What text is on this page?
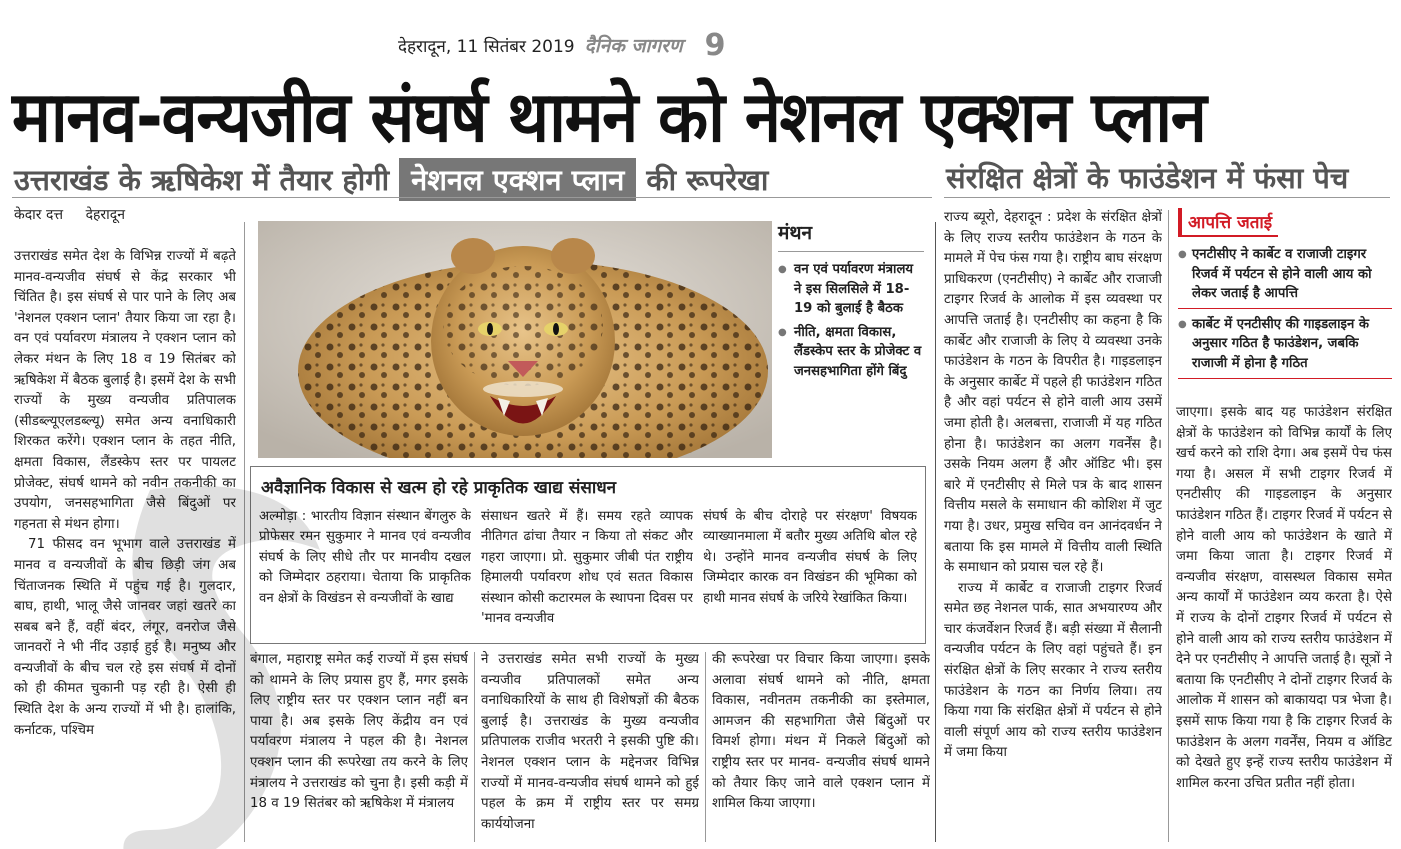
देहरादून, 11 सितंबर 2019 दैनिक जागरण 9
मानव-वन्यजीव संघर्ष थामने को नेशनल एक्शन प्लान
उत्तराखंड के ऋषिकेश में तैयार होगी नेशनल एक्शन प्लान की रूपरेखा	संरक्षित क्षेत्रों के फाउंडेशन में फंसा पेच
केदार दत्त देहरादून

उत्तराखंड समेत देश के विभिन्न राज्यों में बढ़ते मानव-वन्यजीव संघर्ष से केंद्र सरकार भी चिंतित है। इस संघर्ष से पार पाने के लिए अब 'नेशनल एक्शन प्लान' तैयार किया जा रहा है। वन एवं पर्यावरण मंत्रालय ने एक्शन प्लान को लेकर मंथन के लिए 18 व 19 सितंबर को ऋषिकेश में बैठक बुलाई है। इसमें देश के सभी राज्यों के मुख्य वन्यजीव प्रतिपालक (सीडब्ल्यूएलडब्ल्यू) समेत अन्य वनाधिकारी शिरकत करेंगे। एक्शन प्लान के तहत नीति, क्षमता विकास, लैंडस्केप स्तर पर पायलट प्रोजेक्ट, संघर्ष थामने को नवीन तकनीकी का उपयोग, जनसहभागिता जैसे बिंदुओं पर गहनता से मंथन होगा।

71 फीसद वन भूभाग वाले उत्तराखंड में मानव व वन्यजीवों के बीच छिड़ी जंग अब चिंताजनक स्थिति में पहुंच गई है। गुलदार, बाघ, हाथी, भालू जैसे जानवर जहां खतरे का सबब बने हैं, वहीं बंदर, लंगूर, वनरोज जैसे जानवरों ने भी नींद उड़ाई हुई है। मनुष्य और वन्यजीवों के बीच चल रहे इस संघर्ष में दोनों को ही कीमत चुकानी पड़ रही है। ऐसी ही स्थिति देश के अन्य राज्यों में भी है। हालांकि, कर्नाटक, पश्चिम

मंथन
● वन एवं पर्यावरण मंत्रालय ने इस सिलसिले में 18-19 को बुलाई है बैठक
● नीति, क्षमता विकास, लैंडस्केप स्तर के प्रोजेक्ट व जनसहभागिता होंगे बिंदु
अवैज्ञानिक विकास से खत्म हो रहे प्राकृतिक खाद्य संसाधन
अल्मोड़ा : भारतीय विज्ञान संस्थान बेंगलुरु के प्रोफेसर रमन सुकुमार ने मानव एवं वन्यजीव संघर्ष के लिए सीधे तौर पर मानवीय दखल को जिम्मेदार ठहराया। चेताया कि प्राकृतिक वन क्षेत्रों के विखंडन से वन्यजीवों के खाद्य
संसाधन खतरे में हैं। समय रहते व्यापक नीतिगत ढांचा तैयार न किया तो संकट और गहरा जाएगा। प्रो. सुकुमार जीबी पंत राष्ट्रीय हिमालयी पर्यावरण शोध एवं सतत विकास संस्थान कोसी कटारमल के स्थापना दिवस पर 'मानव वन्यजीव
संघर्ष के बीच दोराहे पर संरक्षण' विषयक व्याख्यानमाला में बतौर मुख्य अतिथि बोल रहे थे। उन्होंने मानव वन्यजीव संघर्ष के लिए जिम्मेदार कारक वन विखंडन की भूमिका को हाथी मानव संघर्ष के जरिये रेखांकित किया।
बंगाल, महाराष्ट्र समेत कई राज्यों में इस संघर्ष को थामने के लिए प्रयास हुए हैं, मगर इसके लिए राष्ट्रीय स्तर पर एक्शन प्लान नहीं बन पाया है। अब इसके लिए केंद्रीय वन एवं पर्यावरण मंत्रालय ने पहल की है। नेशनल एक्शन प्लान की रूपरेखा तय करने के लिए मंत्रालय ने उत्तराखंड को चुना है। इसी कड़ी में 18 व 19 सितंबर को ऋषिकेश में मंत्रालय
ने उत्तराखंड समेत सभी राज्यों के मुख्य वन्यजीव प्रतिपालकों समेत अन्य वनाधिकारियों के साथ ही विशेषज्ञों की बैठक बुलाई है। उत्तराखंड के मुख्य वन्यजीव प्रतिपालक राजीव भरतरी ने इसकी पुष्टि की। नेशनल एक्शन प्लान के मद्देनजर विभिन्न राज्यों में मानव-वन्यजीव संघर्ष थामने को हुई पहल के क्रम में राष्ट्रीय स्तर पर समग्र कार्ययोजना
की रूपरेखा पर विचार किया जाएगा। इसके अलावा संघर्ष थामने को नीति, क्षमता विकास, नवीनतम तकनीकी का इस्तेमाल, आमजन की सहभागिता जैसे बिंदुओं पर विमर्श होगा। मंथन में निकले बिंदुओं को राष्ट्रीय स्तर पर मानव- वन्यजीव संघर्ष थामने को तैयार किए जाने वाले एक्शन प्लान में शामिल किया जाएगा।

राज्य ब्यूरो, देहरादून : प्रदेश के संरक्षित क्षेत्रों के लिए राज्य स्तरीय फाउंडेशन के गठन के मामले में पेच फंस गया है। राष्ट्रीय बाघ संरक्षण प्राधिकरण (एनटीसीए) ने कार्बेट और राजाजी टाइगर रिजर्व के आलोक में इस व्यवस्था पर आपत्ति जताई है। एनटीसीए का कहना है कि कार्बेट और राजाजी के लिए ये व्यवस्था उनके फाउंडेशन के गठन के विपरीत है। गाइडलाइन के अनुसार कार्बेट में पहले ही फाउंडेशन गठित है और वहां पर्यटन से होने वाली आय उसमें जमा होती है। अलबत्ता, राजाजी में यह गठित होना है। फाउंडेशन का अलग गवर्नेंस है। उसके नियम अलग हैं और ऑडिट भी। इस बारे में एनटीसीए से मिले पत्र के बाद शासन वित्तीय मसले के समाधान की कोशिश में जुट गया है। उधर, प्रमुख सचिव वन आनंदवर्धन ने बताया कि इस मामले में वित्तीय वाली स्थिति के समाधान को प्रयास चल रहे हैं।

राज्य में कार्बेट व राजाजी टाइगर रिजर्व समेत छह नेशनल पार्क, सात अभयारण्य और चार कंजर्वेशन रिजर्व हैं। बड़ी संख्या में सैलानी वन्यजीव पर्यटन के लिए वहां पहुंचते हैं। इन संरक्षित क्षेत्रों के लिए सरकार ने राज्य स्तरीय फाउंडेशन के गठन का निर्णय लिया। तय किया गया कि संरक्षित क्षेत्रों में पर्यटन से होने वाली संपूर्ण आय को राज्य स्तरीय फाउंडेशन में जमा किया

आपत्ति जताई
● एनटीसीए ने कार्बेट व राजाजी टाइगर रिजर्व में पर्यटन से होने वाली आय को लेकर जताई है आपत्ति
● कार्बेट में एनटीसीए की गाइडलाइन के अनुसार गठित है फाउंडेशन, जबकि राजाजी में होना है गठित
जाएगा। इसके बाद यह फाउंडेशन संरक्षित क्षेत्रों के फाउंडेशन को विभिन्न कार्यों के लिए खर्च करने को राशि देगा। अब इसमें पेच फंस गया है। असल में सभी टाइगर रिजर्व में एनटीसीए की गाइडलाइन के अनुसार फाउंडेशन गठित हैं। टाइगर रिजर्व में पर्यटन से होने वाली आय को फाउंडेशन के खाते में जमा किया जाता है। टाइगर रिजर्व में वन्यजीव संरक्षण, वासस्थल विकास समेत अन्य कार्यों में फाउंडेशन व्यय करता है। ऐसे में राज्य के दोनों टाइगर रिजर्व में पर्यटन से होने वाली आय को राज्य स्तरीय फाउंडेशन में देने पर एनटीसीए ने आपत्ति जताई है। सूत्रों ने बताया कि एनटीसीए ने दोनों टाइगर रिजर्व के आलोक में शासन को बाकायदा पत्र भेजा है। इसमें साफ किया गया है कि टाइगर रिजर्व के फाउंडेशन के अलग गवर्नेंस, नियम व ऑडिट को देखते हुए इन्हें राज्य स्तरीय फाउंडेशन में शामिल करना उचित प्रतीत नहीं होता।
